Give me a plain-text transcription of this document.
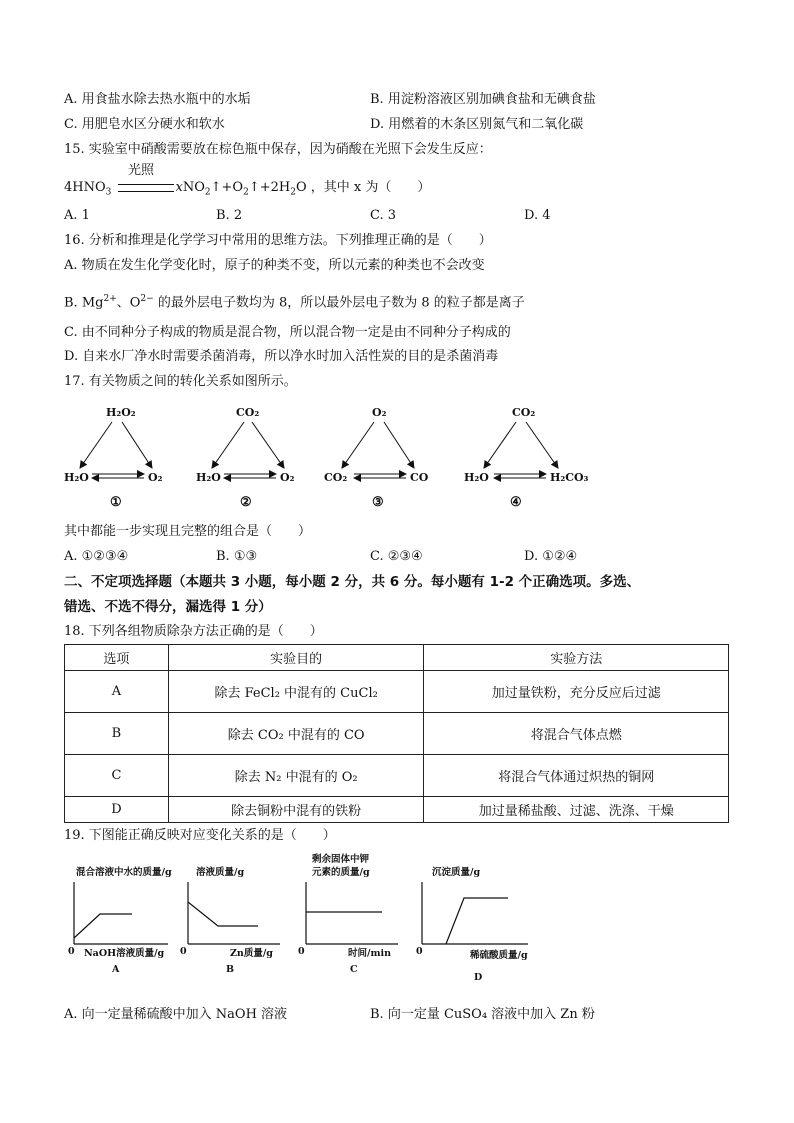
A. 用食盐水除去热水瓶中的水垢	B. 用淀粉溶液区别加碘食盐和无碘食盐
C. 用肥皂水区分硬水和软水	D. 用燃着的木条区别氮气和二氧化碳
15. 实验室中硝酸需要放在棕色瓶中保存，因为硝酸在光照下会发生反应：
光照
$4HNO_3$	$xNO_2↑+O_2↑+2H_2O$ ，其中 x 为（　　）
A. 1	B. 2	C. 3	D. 4
16. 分析和推理是化学学习中常用的思维方法。下列推理正确的是（　　）
A. 物质在发生化学变化时，原子的种类不变，所以元素的种类也不会改变
B. $Mg^{2+}$、$O^{2-}$ 的最外层电子数均为 8，所以最外层电子数为 8 的粒子都是离子
C. 由不同种分子构成的物质是混合物，所以混合物一定是由不同种分子构成的
D. 自来水厂净水时需要杀菌消毒，所以净水时加入活性炭的目的是杀菌消毒
17. 有关物质之间的转化关系如图所示。
H₂O₂
H₂O	O₂
①
CO₂
H₂O	O₂
②
O₂
CO₂	CO
③
CO₂
H₂O	H₂CO₃
④
其中都能一步实现且完整的组合是（　　）
A. ①②③④	B. ①③	C. ②③④	D. ①②④
二、不定项选择题（本题共 3 小题，每小题 2 分，共 6 分。每小题有 1-2 个正确选项。多选、
错选、不选不得分，漏选得 1 分）
18. 下列各组物质除杂方法正确的是（　　）
选项	实验目的	实验方法
A	除去 FeCl₂ 中混有的 CuCl₂	加过量铁粉，充分反应后过滤
B	除去 CO₂ 中混有的 CO	将混合气体点燃
C	除去 N₂ 中混有的 O₂	将混合气体通过炽热的铜网
D	除去铜粉中混有的铁粉	加过量稀盐酸、过滤、洗涤、干燥
19. 下图能正确反映对应变化关系的是（　　）
混合溶液中水的质量/g
0 NaOH溶液质量/g
A
溶液质量/g
0	Zn质量/g
B
剩余固体中钾
元素的质量/g
0	时间/min
C
沉淀质量/g
0	稀硫酸质量/g
D
A. 向一定量稀硫酸中加入 NaOH 溶液	B. 向一定量 CuSO₄ 溶液中加入 Zn 粉
